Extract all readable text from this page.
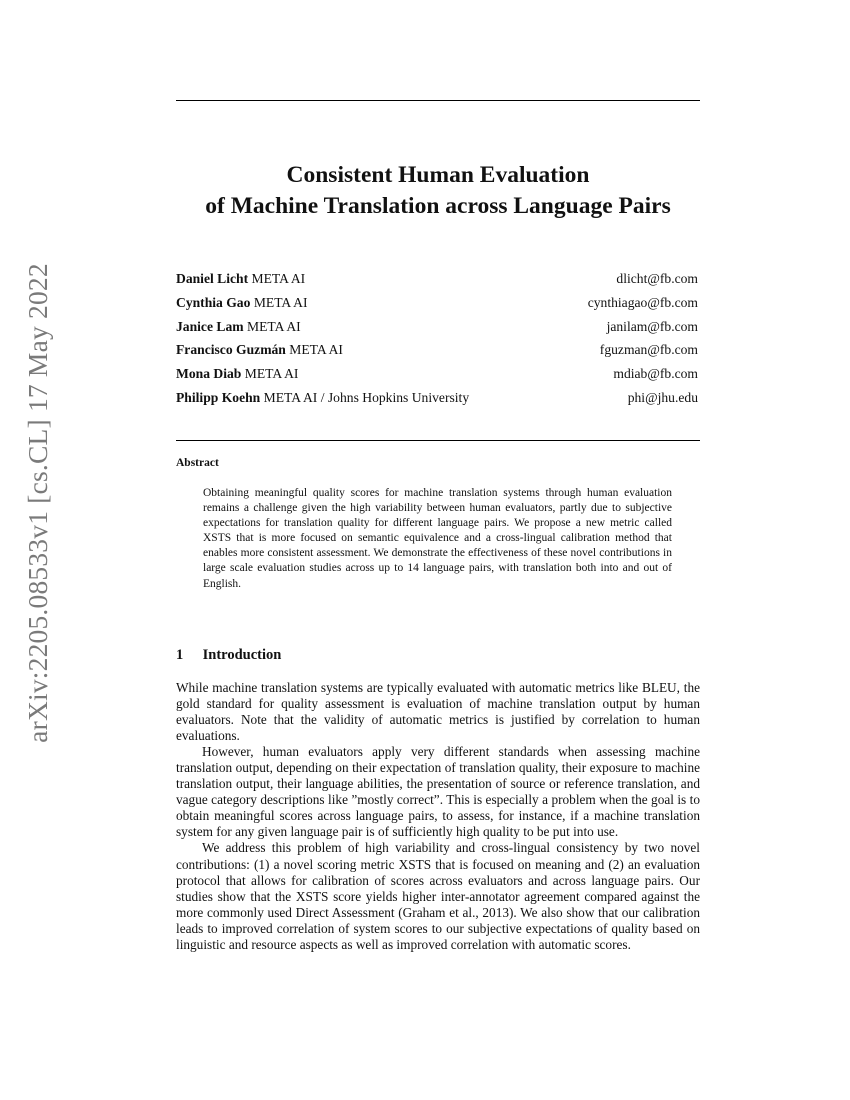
arXiv:2205.08533v1 [cs.CL] 17 May 2022
Consistent Human Evaluation
of Machine Translation across Language Pairs
Daniel Licht META AI	dlicht@fb.com
Cynthia Gao META AI	cynthiagao@fb.com
Janice Lam META AI	janilam@fb.com
Francisco Guzmán META AI	fguzman@fb.com
Mona Diab META AI	mdiab@fb.com
Philipp Koehn META AI / Johns Hopkins University	phi@jhu.edu
Abstract
Obtaining meaningful quality scores for machine translation systems through human evaluation remains a challenge given the high variability between human evaluators, partly due to subjective expectations for translation quality for different language pairs. We propose a new metric called XSTS that is more focused on semantic equivalence and a cross-lingual calibration method that enables more consistent assessment. We demonstrate the effectiveness of these novel contributions in large scale evaluation studies across up to 14 language pairs, with translation both into and out of English.
1 Introduction

While machine translation systems are typically evaluated with automatic metrics like BLEU, the gold standard for quality assessment is evaluation of machine translation output by human evaluators. Note that the validity of automatic metrics is justified by correlation to human evaluations.

However, human evaluators apply very different standards when assessing machine translation output, depending on their expectation of translation quality, their exposure to machine translation output, their language abilities, the presentation of source or reference translation, and vague category descriptions like ”mostly correct”. This is especially a problem when the goal is to obtain meaningful scores across language pairs, to assess, for instance, if a machine translation system for any given language pair is of sufficiently high quality to be put into use.

We address this problem of high variability and cross-lingual consistency by two novel contributions: (1) a novel scoring metric XSTS that is focused on meaning and (2) an evaluation protocol that allows for calibration of scores across evaluators and across language pairs. Our studies show that the XSTS score yields higher inter-annotator agreement compared against the more commonly used Direct Assessment (Graham et al., 2013). We also show that our calibration leads to improved correlation of system scores to our subjective expectations of quality based on linguistic and resource aspects as well as improved correlation with automatic scores.
